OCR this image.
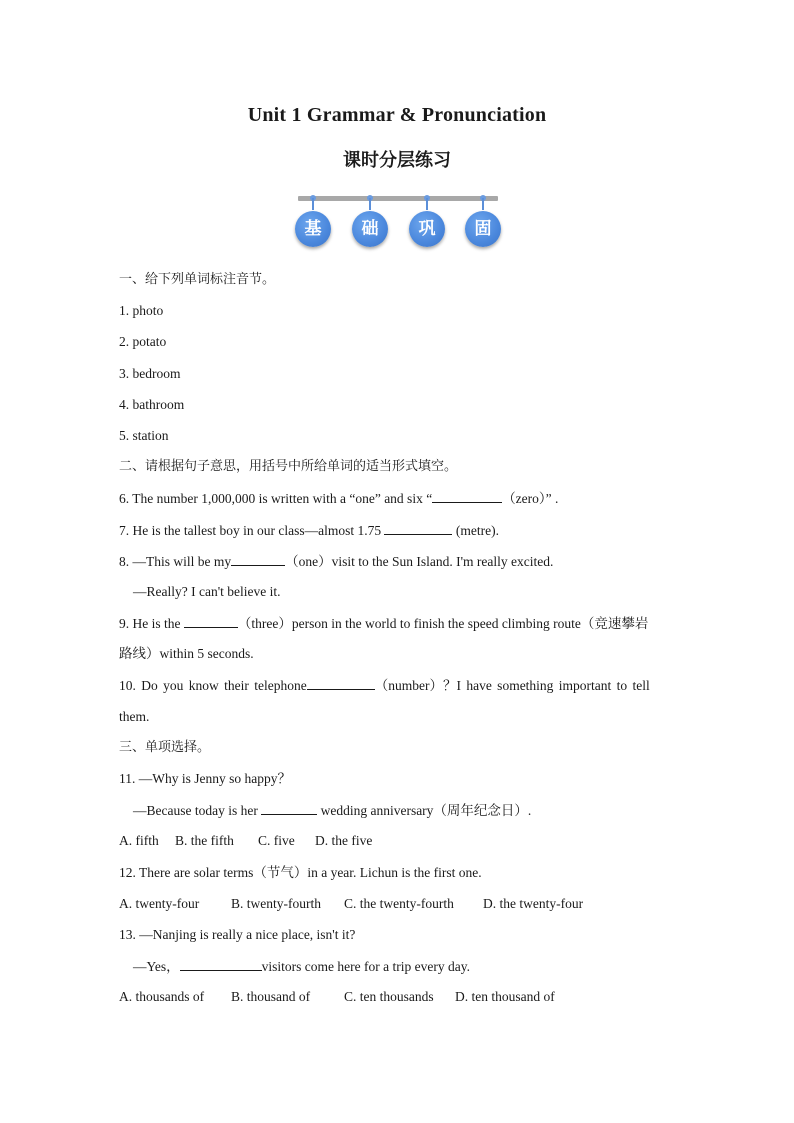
Unit 1 Grammar & Pronunciation
课时分层练习
基	础	巩	固
一、给下列单词标注音节。
1. photo
2. potato
3. bedroom
4. bathroom
5. station
二、请根据句子意思，用括号中所给单词的适当形式填空。
6. The number 1,000,000 is written with a “one” and six “	（zero）” .
7. He is the tallest boy in our class—almost 1.75	(metre).
8. —This will be my	（one）visit to the Sun Island. I'm really excited.
—Really? I can't believe it.
9. He is the	（three）person in the world to finish the speed climbing route（竞速攀岩
路线）within 5 seconds.
10. Do you know their telephone	（number）？I have something important to tell
them.
三、单项选择。
11. —Why is Jenny so happy？
—Because today is her	wedding anniversary（周年纪念日）.
A. fifth B. the fifth C. five D. the five
12. There are solar terms（节气）in a year. Lichun is the first one.
A. twenty-four B. twenty-fourth C. the twenty-fourth D. the twenty-four
13. —Nanjing is really a nice place, isn't it?
—Yes，	visitors come here for a trip every day.
A. thousands of B. thousand of	C. ten thousands D. ten thousand of
